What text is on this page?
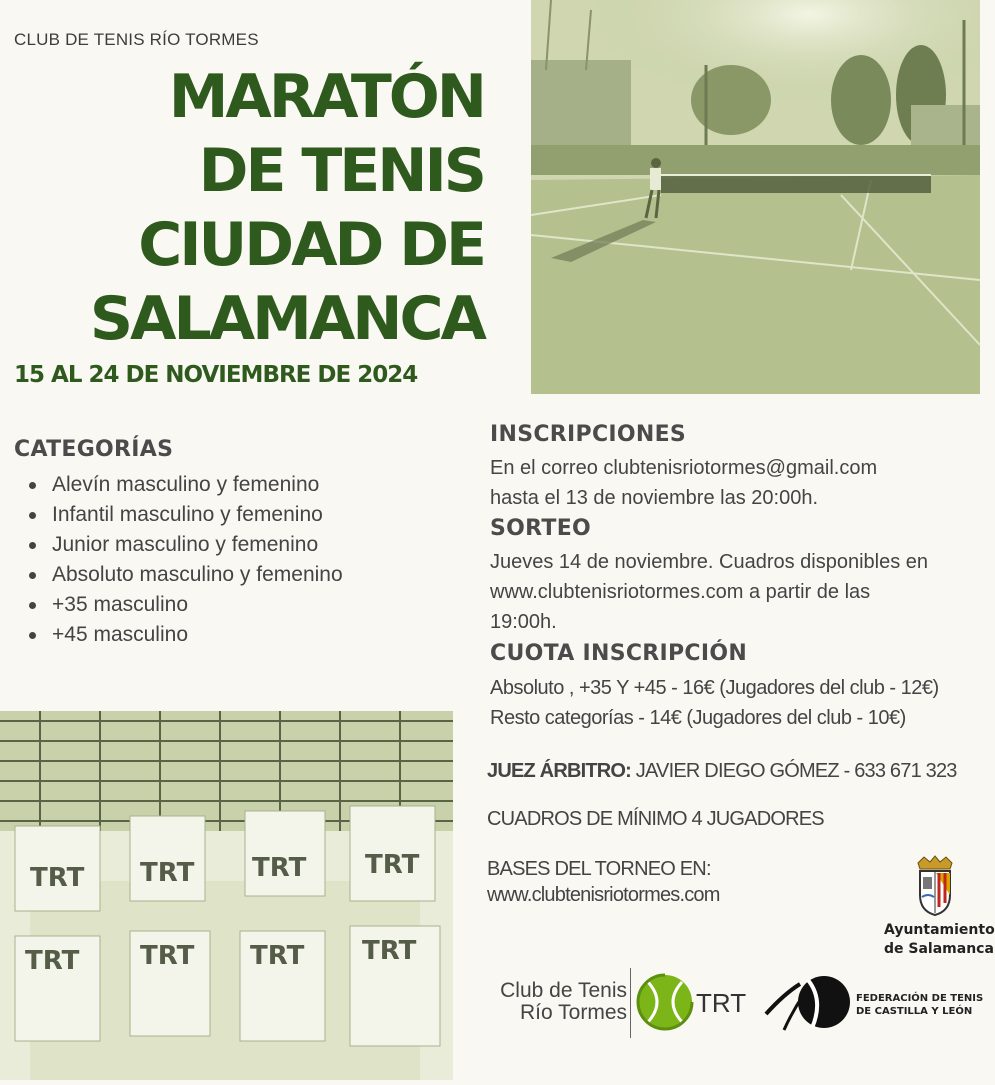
CLUB DE TENIS RÍO TORMES
MARATÓN
DE TENIS
CIUDAD DE
SALAMANCA
15 AL 24 DE NOVIEMBRE DE 2024
CATEGORÍAS
Alevín masculino y femenino
Infantil masculino y femenino
Junior masculino y femenino
Absoluto masculino y femenino
+35 masculino
+45 masculino
INSCRIPCIONES
En el correo clubtenisriotormes@gmail.com
hasta el 13 de noviembre las 20:00h.
SORTEO
Jueves 14 de noviembre. Cuadros disponibles en
www.clubtenisriotormes.com a partir de las
19:00h.
CUOTA INSCRIPCIÓN
Absoluto , +35 Y +45 - 16€ (Jugadores del club - 12€)
Resto categorías - 14€ (Jugadores del club - 10€)
JUEZ ÁRBITRO: JAVIER DIEGO GÓMEZ - 633 671 323
CUADROS DE MÍNIMO 4 JUGADORES
BASES DEL TORNEO EN:
www.clubtenisriotormes.com
TRT TRT TRT TRT
TRT TRT TRT TRT
Ayuntamiento
de Salamanca
Club de Tenis
Río Tormes	TRT	FEDERACIÓN DE TENIS
DE CASTILLA Y LEÓN
